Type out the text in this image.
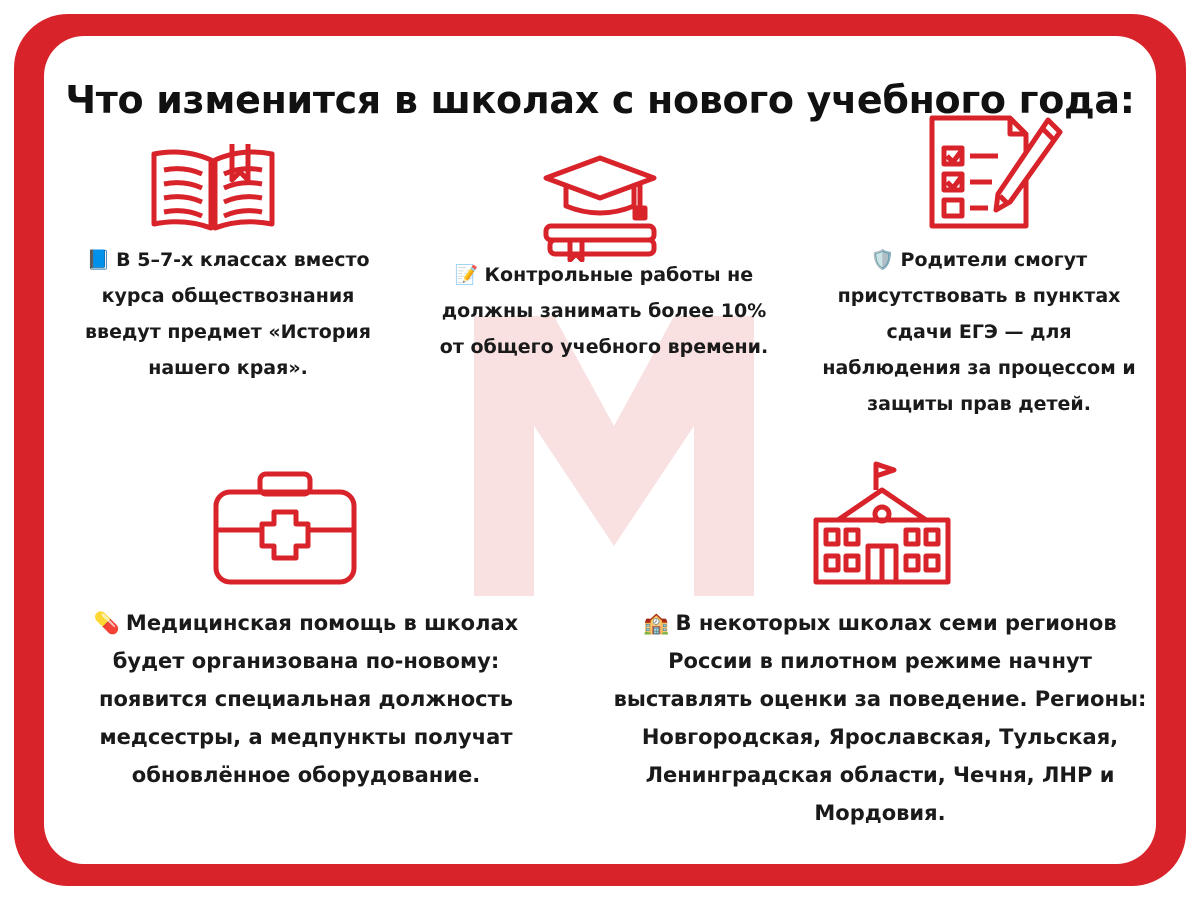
Что изменится в школах с нового учебного года:
📘 В 5–7-х классах вместо курса обществознания введут предмет «История нашего края».
📝 Контрольные работы не должны занимать более 10% от общего учебного времени.
🛡️ Родители смогут присутствовать в пунктах сдачи ЕГЭ — для наблюдения за процессом и защиты прав детей.
💊 Медицинская помощь в школах будет организована по-новому: появится специальная должность медсестры, а медпункты получат обновлённое оборудование.
🏫 В некоторых школах семи регионов России в пилотном режиме начнут выставлять оценки за поведение. Регионы: Новгородская, Ярославская, Тульская, Ленинградская области, Чечня, ЛНР и Мордовия.
